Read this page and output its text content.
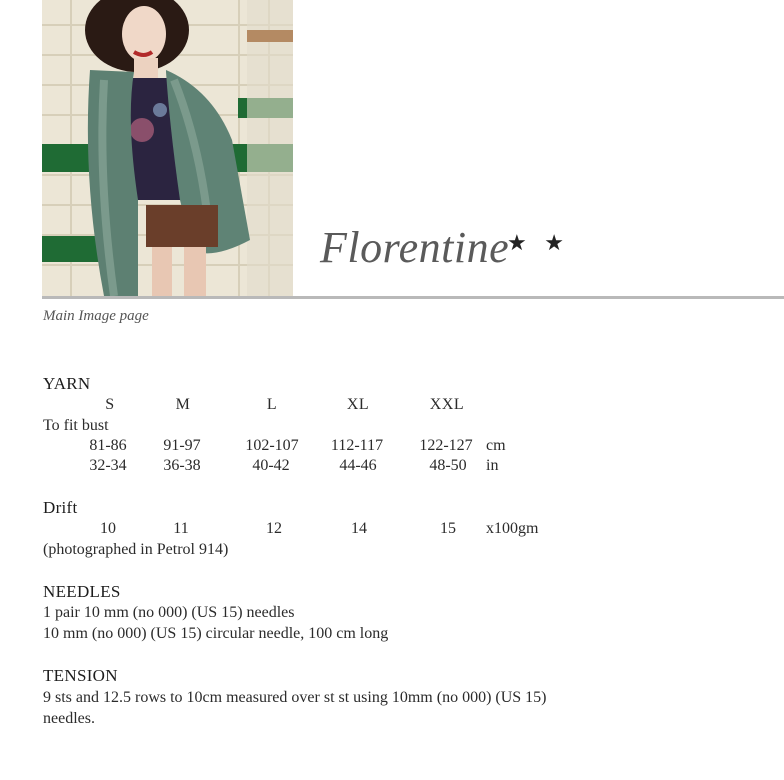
Florentine
★ ★
Main Image page
YARN
S	M	L	XL	XXL
To fit bust
81-86 91-97	102-107 112-117 122-127 cm
32-34 36-38	40-42	44-46	48-50 in
Drift
10	11	12	14	15 x100gm
(photographed in Petrol 914)
NEEDLES
1 pair 10 mm (no 000) (US 15) needles
10 mm (no 000) (US 15) circular needle, 100 cm long
TENSION
9 sts and 12.5 rows to 10cm measured over st st using 10mm (no 000) (US 15)
needles.
